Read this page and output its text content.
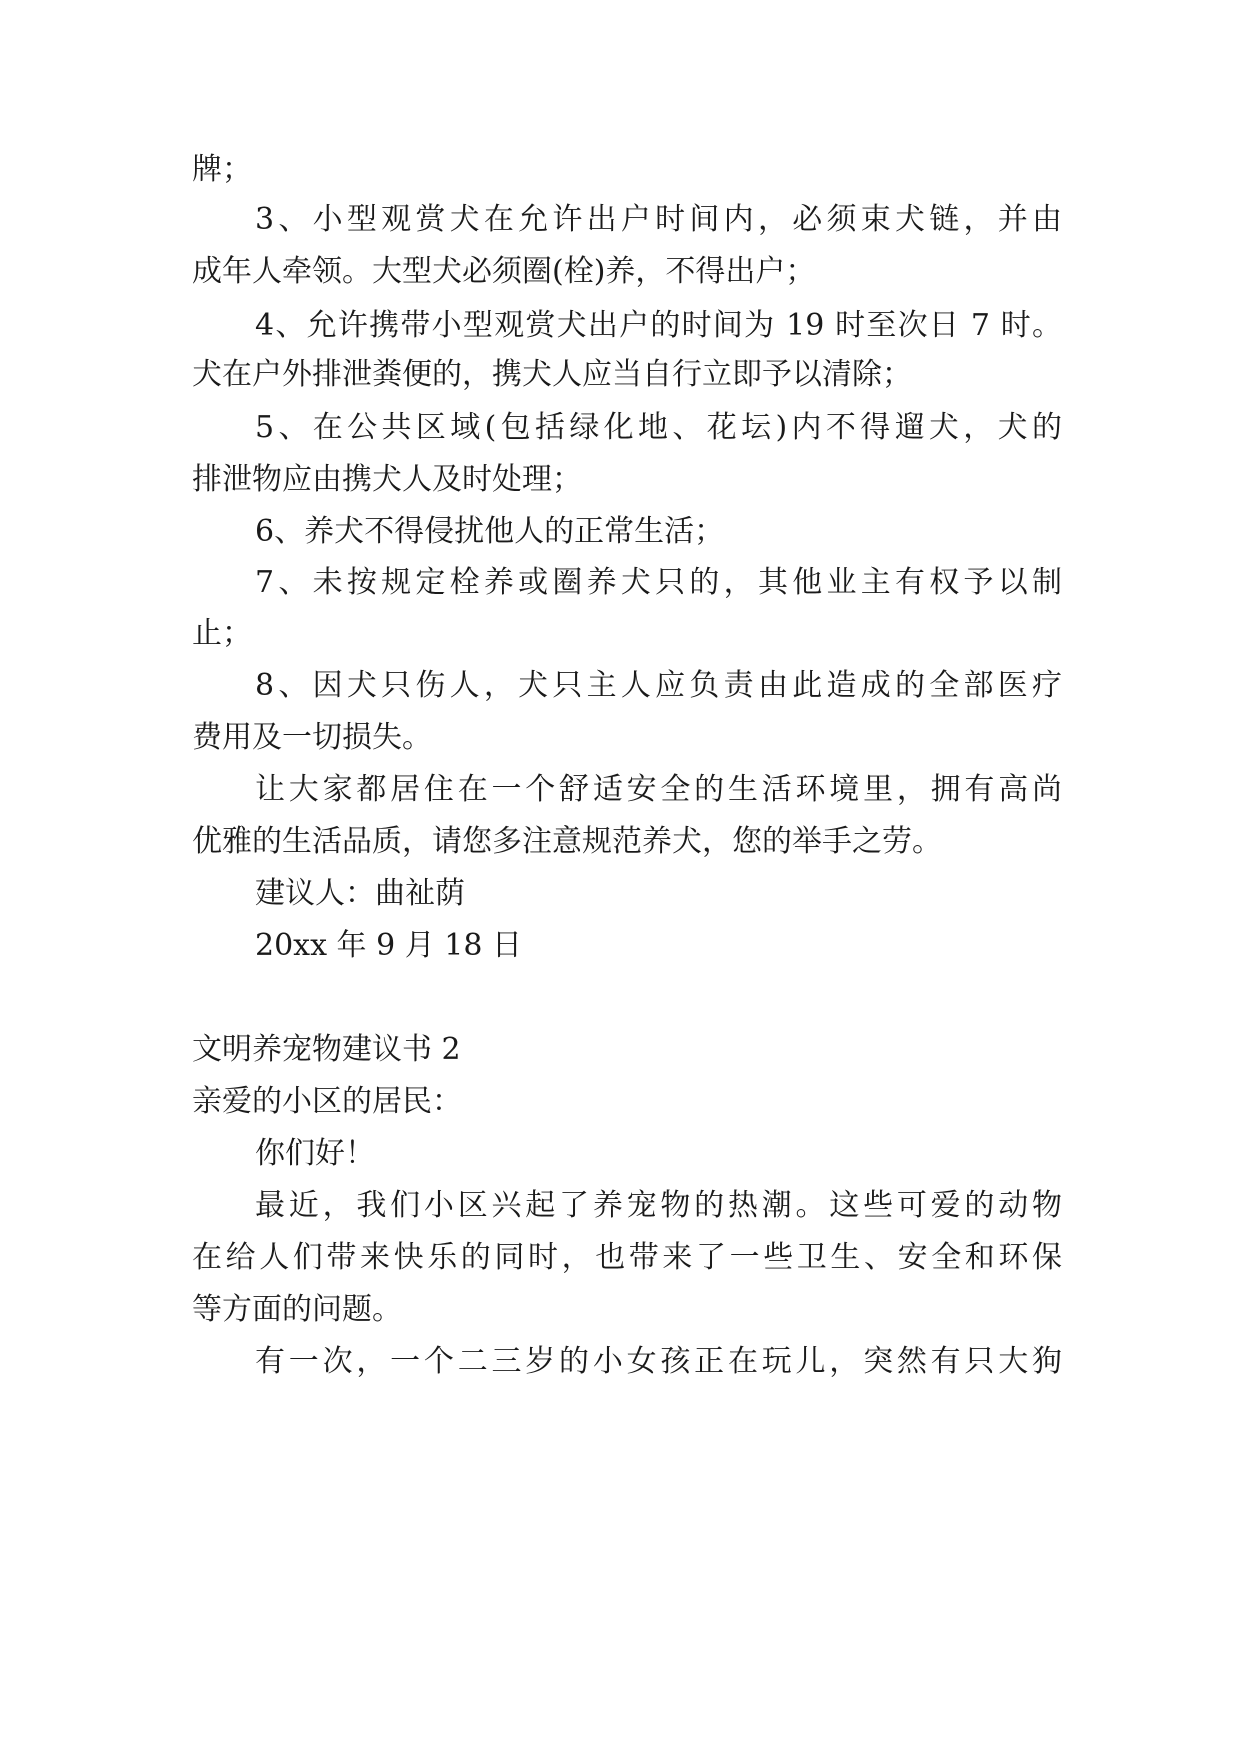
牌；
3、小型观赏犬在允许出户时间内，必须束犬链，并由
成年人牵领。大型犬必须圈(栓)养，不得出户；
4、允许携带小型观赏犬出户的时间为 19 时至次日 7 时。
犬在户外排泄粪便的，携犬人应当自行立即予以清除；
5、在公共区域(包括绿化地、花坛)内不得遛犬，犬的
排泄物应由携犬人及时处理；
6、养犬不得侵扰他人的正常生活；
7、未按规定栓养或圈养犬只的，其他业主有权予以制
止；
8、因犬只伤人，犬只主人应负责由此造成的全部医疗
费用及一切损失。
让大家都居住在一个舒适安全的生活环境里，拥有高尚
优雅的生活品质，请您多注意规范养犬，您的举手之劳。
建议人：曲祉荫
20xx 年 9 月 18 日
文明养宠物建议书 2
亲爱的小区的居民：
你们好！
最近，我们小区兴起了养宠物的热潮。这些可爱的动物
在给人们带来快乐的同时，也带来了一些卫生、安全和环保
等方面的问题。
有一次，一个二三岁的小女孩正在玩儿，突然有只大狗
